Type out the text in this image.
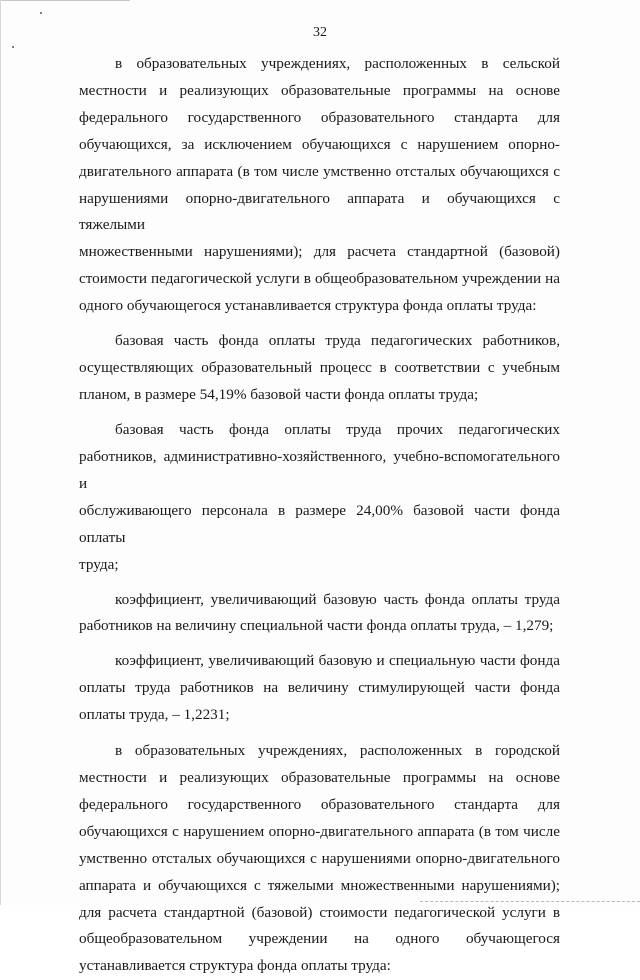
32

в образовательных учреждениях, расположенных в сельской

местности и реализующих образовательные программы на основе

федерального государственного образовательного стандарта для

обучающихся, за исключением обучающихся с нарушением опорно-

двигательного аппарата (в том числе умственно отсталых обучающихся с

нарушениями опорно-двигательного аппарата и обучающихся с тяжелыми

множественными нарушениями); для расчета стандартной (базовой)

стоимости педагогической услуги в общеобразовательном учреждении на

одного обучающегося устанавливается структура фонда оплаты труда:

базовая часть фонда оплаты труда педагогических работников,

осуществляющих образовательный процесс в соответствии с учебным

планом, в размере 54,19% базовой части фонда оплаты труда;

базовая часть фонда оплаты труда прочих педагогических

работников, административно-хозяйственного, учебно-вспомогательного и

обслуживающего персонала в размере 24,00% базовой части фонда оплаты

труда;

коэффициент, увеличивающий базовую часть фонда оплаты труда

работников на величину специальной части фонда оплаты труда, – 1,279;

коэффициент, увеличивающий базовую и специальную части фонда

оплаты труда работников на величину стимулирующей части фонда

оплаты труда, – 1,2231;

в образовательных учреждениях, расположенных в городской

местности и реализующих образовательные программы на основе

федерального государственного образовательного стандарта для

обучающихся с нарушением опорно-двигательного аппарата (в том числе

умственно отсталых обучающихся с нарушениями опорно-двигательного

аппарата и обучающихся с тяжелыми множественными нарушениями);

для расчета стандартной (базовой) стоимости педагогической услуги в

общеобразовательном учреждении на одного обучающегося

устанавливается структура фонда оплаты труда:
